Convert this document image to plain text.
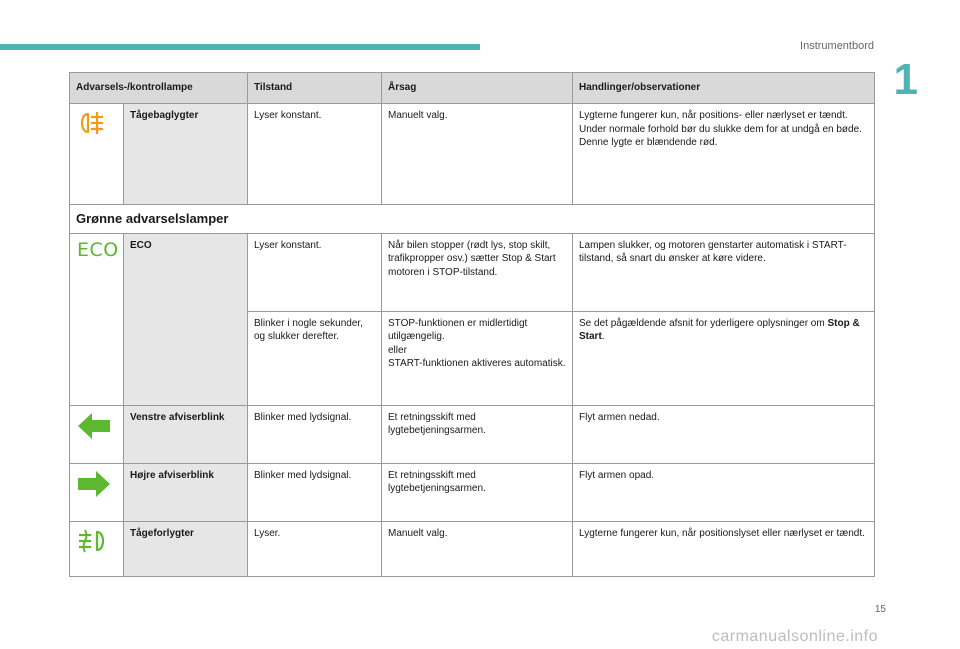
Instrumentbord
1
Advarsels-/kontrollampe		Tilstand	Årsag	Handlinger/observationer
	Tågebaglygter	Lyser konstant.	Manuelt valg.	Lygterne fungerer kun, når positions- eller nærlyset er tændt.
Under normale forhold bør du slukke dem for at undgå en bøde.
Denne lygte er blændende rød.

Grønne advarselslamper				

ECO	ECO	Lyser konstant.	Når bilen stopper (rødt lys, stop skilt, trafikpropper osv.) sætter Stop & Start motoren i STOP-tilstand.	Lampen slukker, og motoren genstarter automatisk i START-tilstand, så snart du ønsker at køre videre.
		Blinker i nogle sekunder, og slukker derefter.	STOP-funktionen er midlertidigt utilgængelig.
eller
START-funktionen aktiveres automatisk.	Se det pågældende afsnit for yderligere oplysninger om Stop & Start.
	Venstre afviserblink	Blinker med lydsignal.	Et retningsskift med lygtebetjeningsarmen.	Flyt armen nedad.
	Højre afviserblink	Blinker med lydsignal.	Et retningsskift med lygtebetjeningsarmen.	Flyt armen opad.
	Tågeforlygter	Lyser.	Manuelt valg.	Lygterne fungerer kun, når positionslyset eller nærlyset er tændt.
15
carmanualsonline.info
